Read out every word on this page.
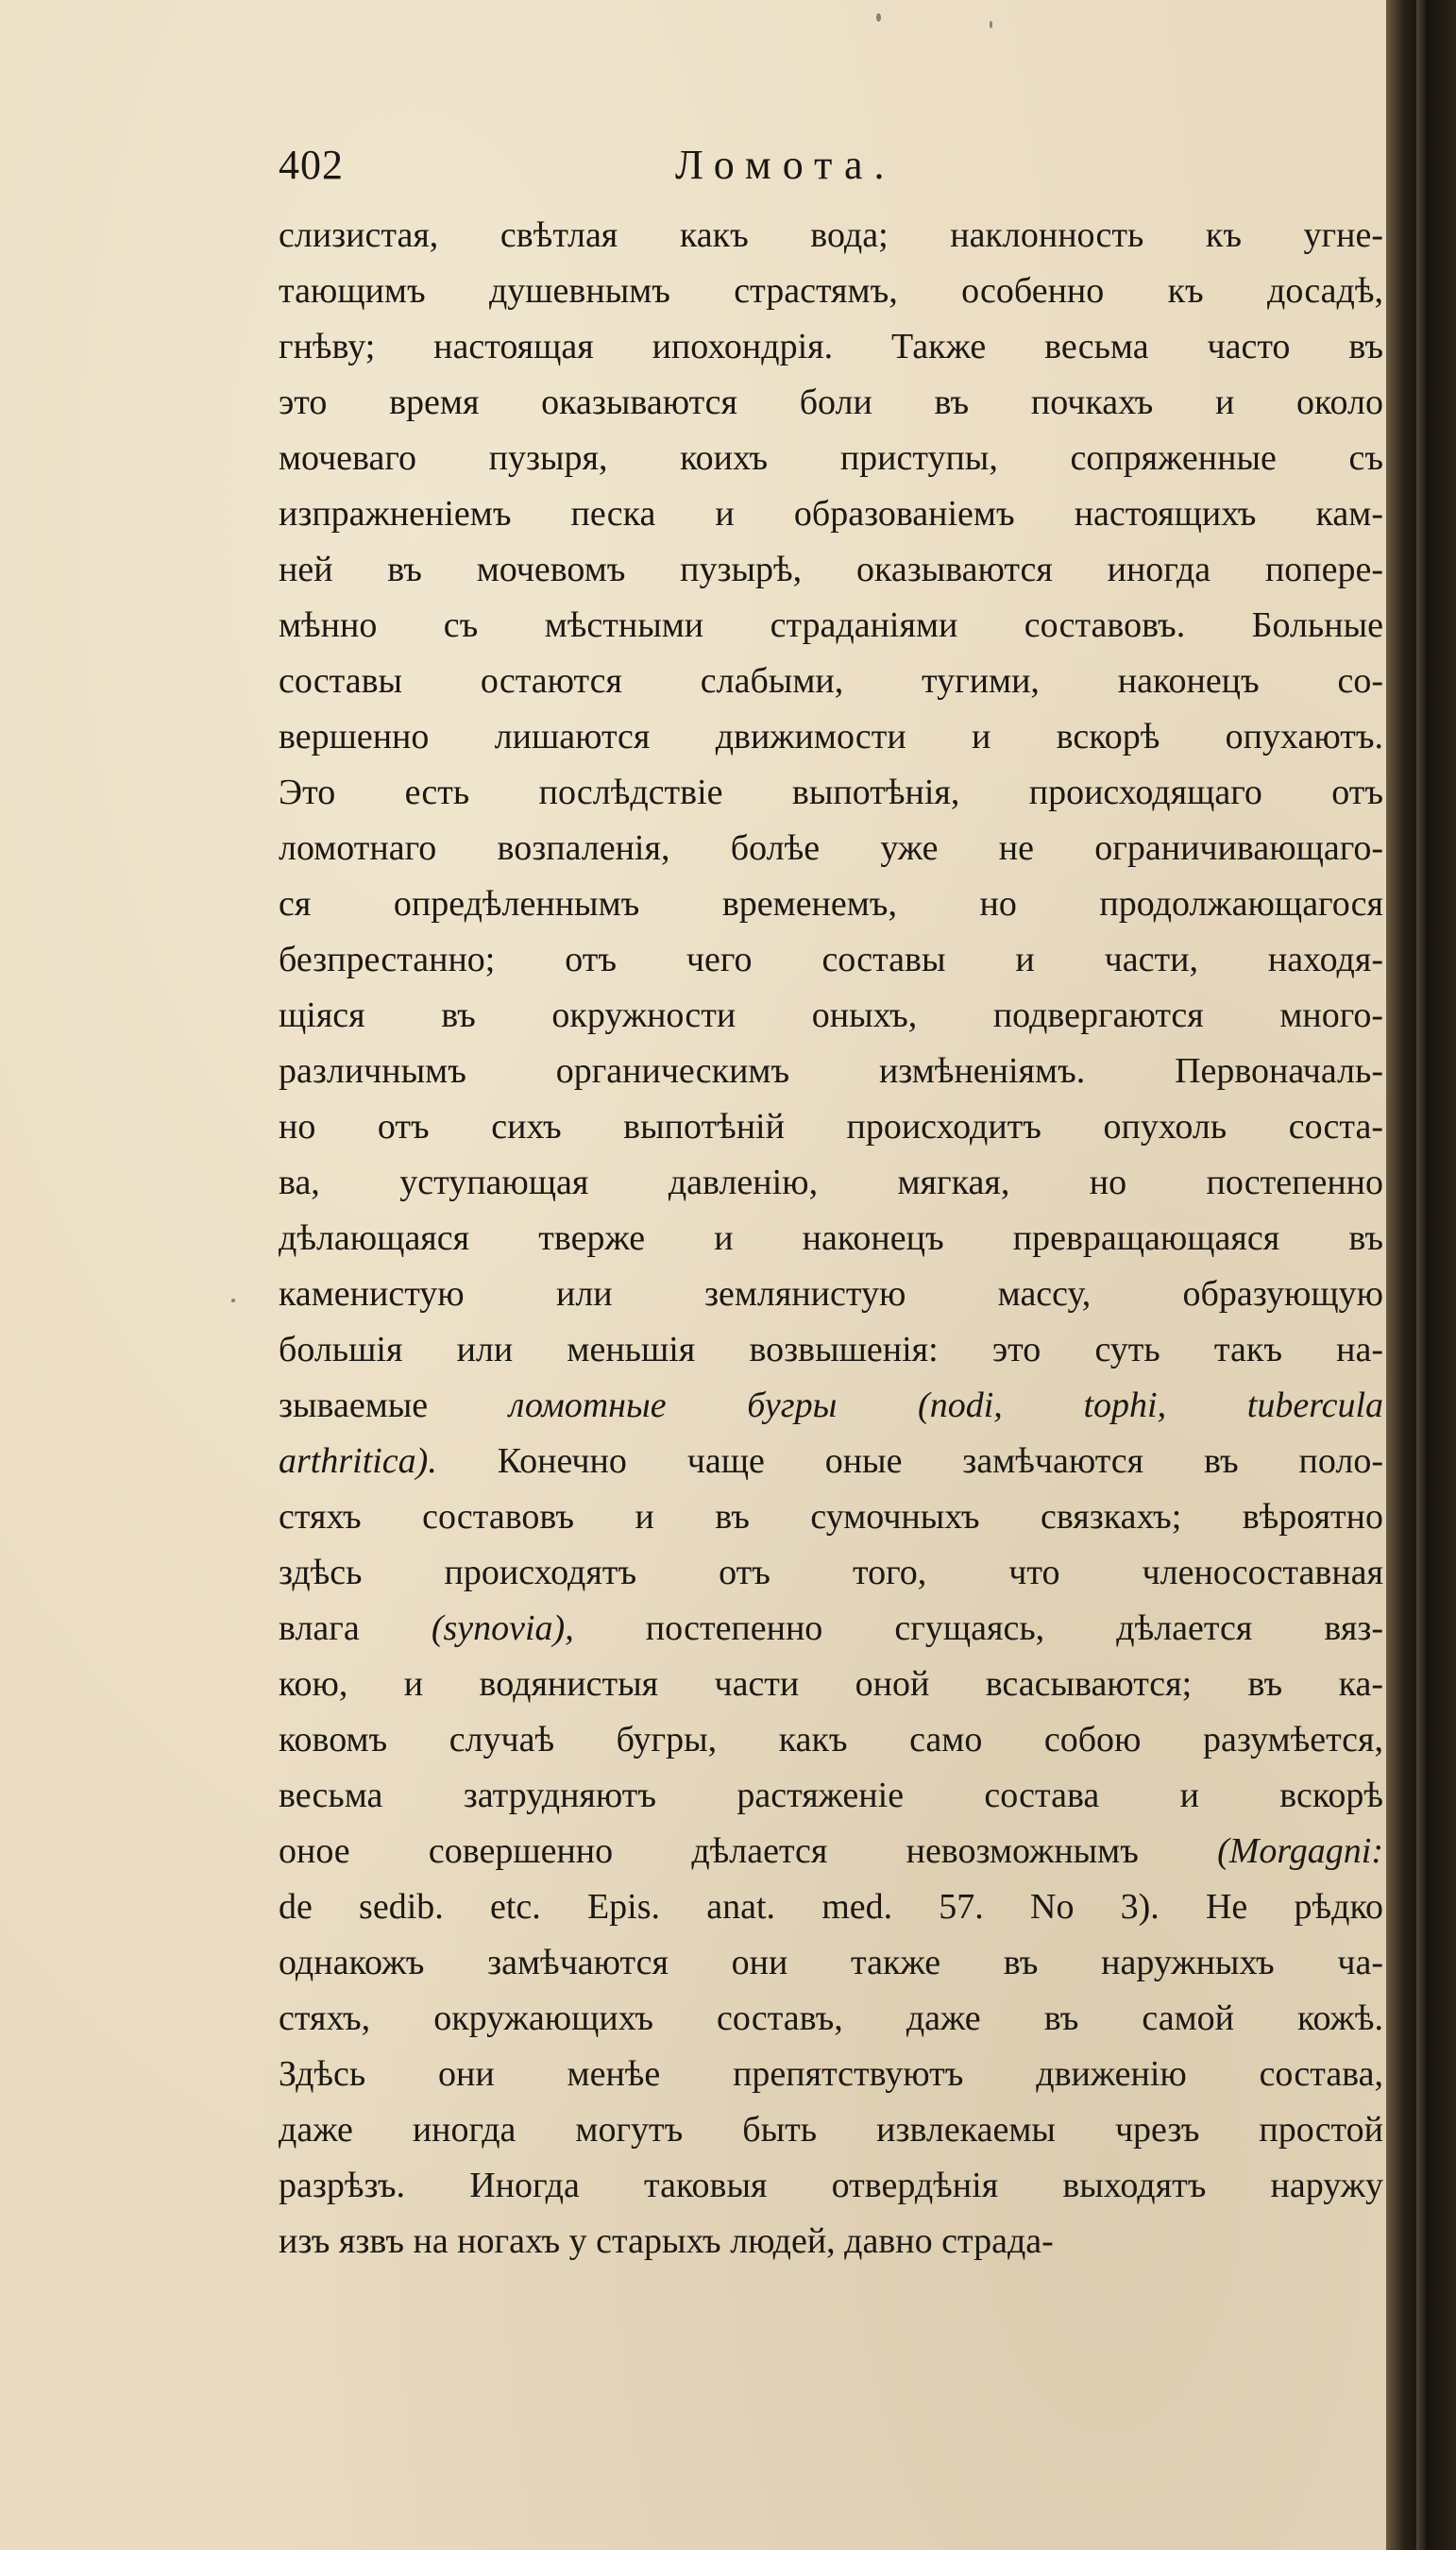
402	Ломота.
слизистая, свѣтлая какъ вода; наклонность къ угне-
тающимъ душевнымъ страстямъ, особенно къ досадѣ,
гнѣву; настоящая ипохондрія. Также весьма часто въ
это время оказываются боли въ почкахъ и около
мочеваго пузыря, коихъ приступы, сопряженные съ
изпражненіемъ песка и образованіемъ настоящихъ кам-
ней въ мочевомъ пузырѣ, оказываются иногда попере-
мѣнно съ мѣстными страданіями составовъ. Больные
составы остаются слабыми, тугими, наконецъ со-
вершенно лишаются движимости и вскорѣ опухаютъ.
Это есть послѣдствіе выпотѣнія, происходящаго отъ
ломотнаго возпаленія, болѣе уже не ограничивающаго-
ся опредѣленнымъ временемъ, но продолжающагося
безпрестанно; отъ чего составы и части, находя-
щіяся въ окружности оныхъ, подвергаются много-
различнымъ органическимъ измѣненіямъ. Первоначаль-
но отъ сихъ выпотѣній происходитъ опухоль соста-
ва, уступающая давленію, мягкая, но постепенно
дѣлающаяся тверже и наконецъ превращающаяся въ
каменистую или землянистую массу, образующую
большія или меньшія возвышенія: это суть такъ на-
зываемые ломотные бугры (nodi, tophi, tubercula
arthritica). Конечно чаще оные замѣчаются въ поло-
стяхъ составовъ и въ сумочныхъ связкахъ; вѣроятно
здѣсь происходятъ отъ того, что членосоставная
влага (synovia), постепенно сгущаясь, дѣлается вяз-
кою, и водянистыя части оной всасываются; въ ка-
ковомъ случаѣ бугры, какъ само собою разумѣется,
весьма затрудняютъ растяженіе состава и вскорѣ
оное совершенно дѣлается невозможнымъ (Morgagni:
de sedib. etc. Epis. anat. med. 57. No 3). Не рѣдко
однакожъ замѣчаются они также въ наружныхъ ча-
стяхъ, окружающихъ составъ, даже въ самой кожѣ.
Здѣсь они менѣе препятствуютъ движенію состава,
даже иногда могутъ быть извлекаемы чрезъ простой
разрѣзъ. Иногда таковыя отвердѣнія выходятъ наружу
изъ язвъ на ногахъ у старыхъ людей, давно страда-
